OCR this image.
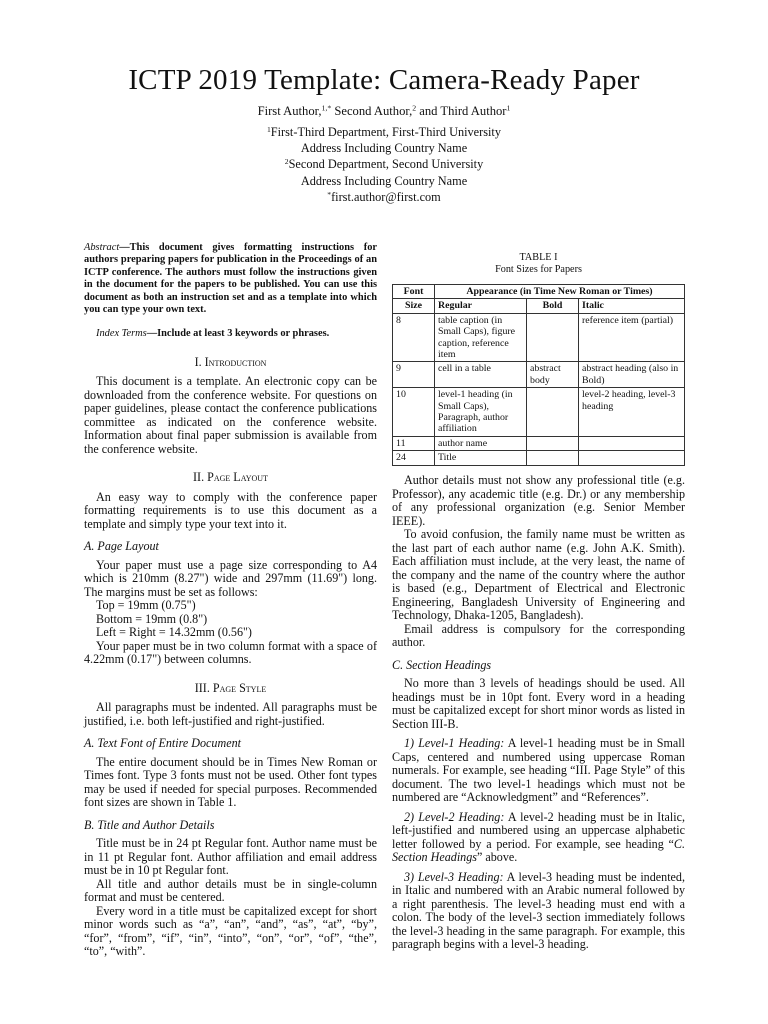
ICTP 2019 Template: Camera-Ready Paper
First Author,$^{1,*}$ Second Author,$^2$ and Third Author$^1$

$^1$First-Third Department, First-Third University

Address Including Country Name

$^2$Second Department, Second University

Address Including Country Name

*first.author@first.com

Abstract—This document gives formatting instructions for authors preparing papers for publication in the Proceedings of an ICTP conference. The authors must follow the instructions given in the document for the papers to be published. You can use this document as both an instruction set and as a template into which you can type your own text.

Index Terms—Include at least 3 keywords or phrases.

I. Introduction

This document is a template. An electronic copy can be downloaded from the conference website. For questions on paper guidelines, please contact the conference publications committee as indicated on the conference website. Information about final paper submission is available from the conference website.

II. Page Layout

An easy way to comply with the conference paper formatting requirements is to use this document as a template and simply type your text into it.

A. Page Layout

Your paper must use a page size corresponding to A4 which is 210mm (8.27") wide and 297mm (11.69") long. The margins must be set as follows:

Top = 19mm (0.75")

Bottom = 19mm (0.8")

Left = Right = 14.32mm (0.56")

Your paper must be in two column format with a space of 4.22mm (0.17") between columns.

III. Page Style

All paragraphs must be indented. All paragraphs must be justified, i.e. both left-justified and right-justified.

A. Text Font of Entire Document

The entire document should be in Times New Roman or Times font. Type 3 fonts must not be used. Other font types may be used if needed for special purposes. Recommended font sizes are shown in Table 1.

B. Title and Author Details

Title must be in 24 pt Regular font. Author name must be in 11 pt Regular font. Author affiliation and email address must be in 10 pt Regular font.

All title and author details must be in single-column format and must be centered.

Every word in a title must be capitalized except for short minor words such as “a”, “an”, “and”, “as”, “at”, “by”, “for”, “from”, “if”, “in”, “into”, “on”, “or”, “of”, “the”, “to”, “with”.

TABLE I
Font Sizes for Papers
Font	Appearance (in Time New Roman or Times)		
Size	Regular	Bold	Italic
8	table caption (in Small Caps), figure caption, reference item		reference item (partial)
9	cell in a table	abstract body	abstract heading (also in Bold)
10	level-1 heading (in Small Caps), Paragraph, author affiliation		level-2 heading, level-3 heading
11	author name		
24	Title		

Author details must not show any professional title (e.g. Professor), any academic title (e.g. Dr.) or any membership of any professional organization (e.g. Senior Member IEEE).

To avoid confusion, the family name must be written as the last part of each author name (e.g. John A.K. Smith). Each affiliation must include, at the very least, the name of the company and the name of the country where the author is based (e.g., Department of Electrical and Electronic Engineering, Bangladesh University of Engineering and Technology, Dhaka-1205, Bangladesh).

Email address is compulsory for the corresponding author.

C. Section Headings

No more than 3 levels of headings should be used. All headings must be in 10pt font. Every word in a heading must be capitalized except for short minor words as listed in Section III-B.

1) Level-1 Heading: A level-1 heading must be in Small Caps, centered and numbered using uppercase Roman numerals. For example, see heading “III. Page Style” of this document. The two level-1 headings which must not be numbered are “Acknowledgment” and “References”.

2) Level-2 Heading: A level-2 heading must be in Italic, left-justified and numbered using an uppercase alphabetic letter followed by a period. For example, see heading “C. Section Headings” above.

3) Level-3 Heading: A level-3 heading must be indented, in Italic and numbered with an Arabic numeral followed by a right parenthesis. The level-3 heading must end with a colon. The body of the level-3 section immediately follows the level-3 heading in the same paragraph. For example, this paragraph begins with a level-3 heading.
